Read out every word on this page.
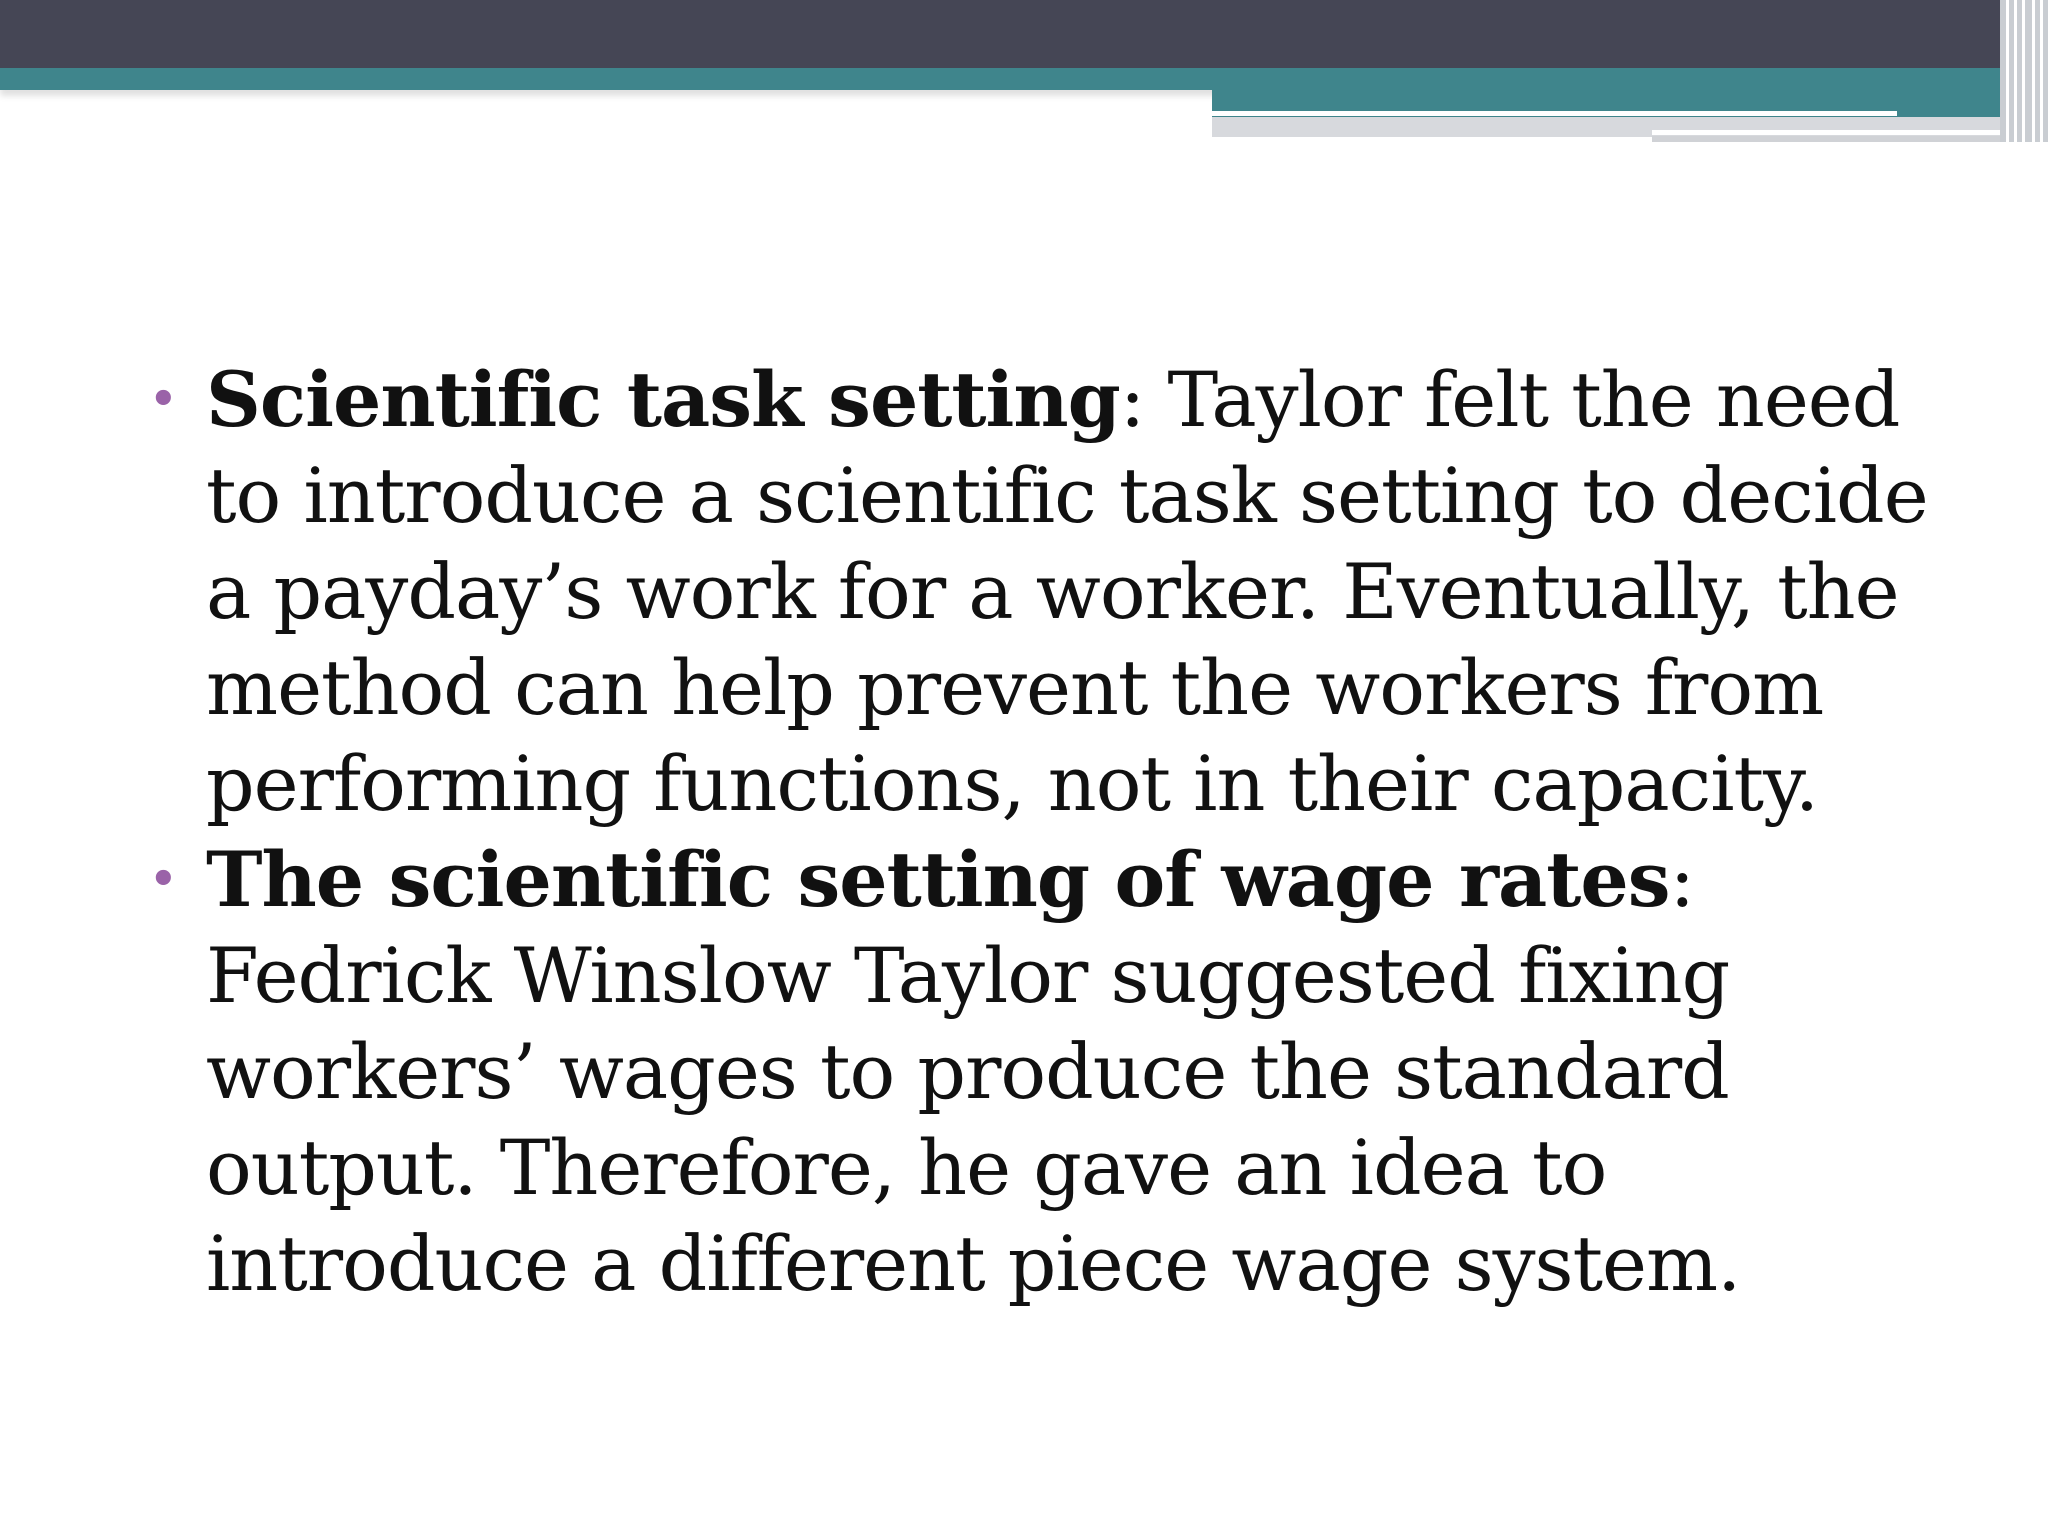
• Scientific task setting: Taylor felt the need to introduce a scientific task setting to decide a payday’s work for a worker. Eventually, the method can help prevent the workers from performing functions, not in their capacity.
• The scientific setting of wage rates: Fedrick Winslow Taylor suggested fixing workers’ wages to produce the standard output. Therefore, he gave an idea to introduce a different piece wage system.
